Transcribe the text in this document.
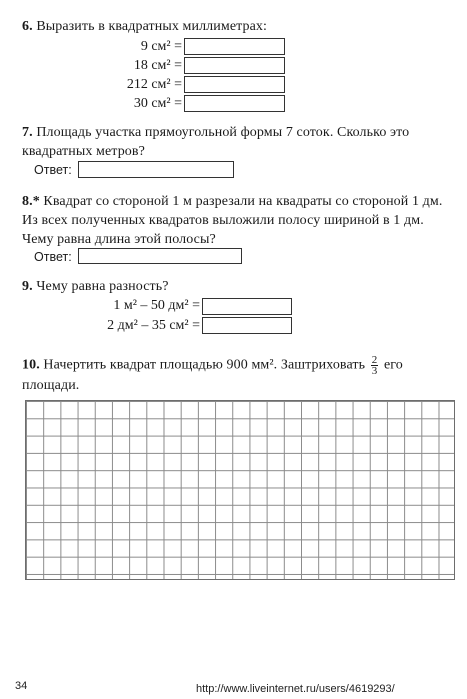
6. Выразить в квадратных миллиметрах:
9 см² =
18 см² =
212 см² =
30 см² =
7. Площадь участка прямоугольной формы 7 соток. Сколько это квадратных метров?
Ответ:
8.* Квадрат со стороной 1 м разрезали на квадраты со стороной 1 дм. Из всех полученных квадратов выложили полосу шириной в 1 дм. Чему равна длина этой полосы?
Ответ:
9. Чему равна разность?
1 м² – 50 дм² =
2 дм² – 35 см² =
10. Начертить квадрат площадью 900 мм². Заштриховать $\frac{2}{3}$ его площади.
34	http://www.liveinternet.ru/users/4619293/
